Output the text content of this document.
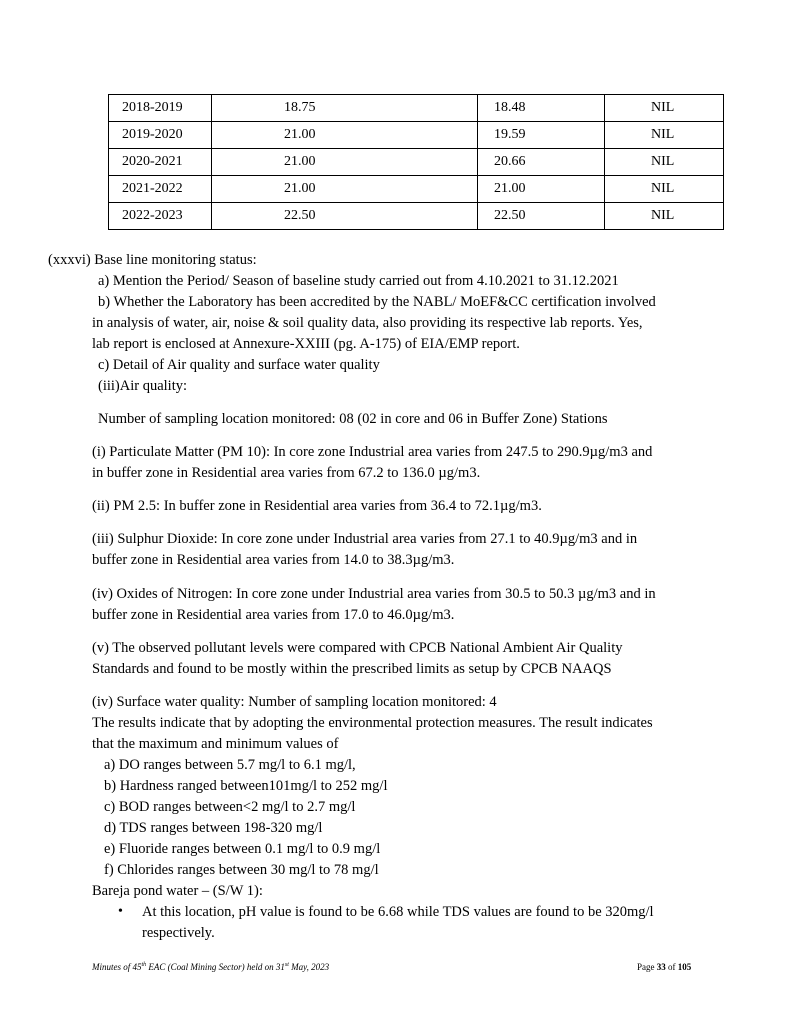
2018-2019	18.75	18.48	NIL
2019-2020	21.00	19.59	NIL
2020-2021	21.00	20.66	NIL
2021-2022	21.00	21.00	NIL
2022-2023	22.50	22.50	NIL
(xxxvi) Base line monitoring status:
a) Mention the Period/ Season of baseline study carried out from 4.10.2021 to 31.12.2021
b) Whether the Laboratory has been accredited by the NABL/ MoEF&CC certification involved
in analysis of water, air, noise & soil quality data, also providing its respective lab reports. Yes,
lab report is enclosed at Annexure-XXIII (pg. A-175) of EIA/EMP report.
c) Detail of Air quality and surface water quality
(iii)Air quality:
Number of sampling location monitored: 08 (02 in core and 06 in Buffer Zone) Stations
(i) Particulate Matter (PM 10): In core zone Industrial area varies from 247.5 to 290.9µg/m3 and
in buffer zone in Residential area varies from 67.2 to 136.0 µg/m3.
(ii) PM 2.5: In buffer zone in Residential area varies from 36.4 to 72.1µg/m3.
(iii) Sulphur Dioxide: In core zone under Industrial area varies from 27.1 to 40.9µg/m3 and in
buffer zone in Residential area varies from 14.0 to 38.3µg/m3.
(iv) Oxides of Nitrogen: In core zone under Industrial area varies from 30.5 to 50.3 µg/m3 and in
buffer zone in Residential area varies from 17.0 to 46.0µg/m3.
(v) The observed pollutant levels were compared with CPCB National Ambient Air Quality
Standards and found to be mostly within the prescribed limits as setup by CPCB NAAQS
(iv) Surface water quality: Number of sampling location monitored: 4
The results indicate that by adopting the environmental protection measures. The result indicates
that the maximum and minimum values of
a) DO ranges between 5.7 mg/l to 6.1 mg/l,
b) Hardness ranged between101mg/l to 252 mg/l
c) BOD ranges between<2 mg/l to 2.7 mg/l
d) TDS ranges between 198-320 mg/l
e) Fluoride ranges between 0.1 mg/l to 0.9 mg/l
f) Chlorides ranges between 30 mg/l to 78 mg/l
Bareja pond water – (S/W 1):
• At this location, pH value is found to be 6.68 while TDS values are found to be 320mg/l
respectively.
Minutes of 45th EAC (Coal Mining Sector) held on 31st May, 2023	Page 33 of 105
